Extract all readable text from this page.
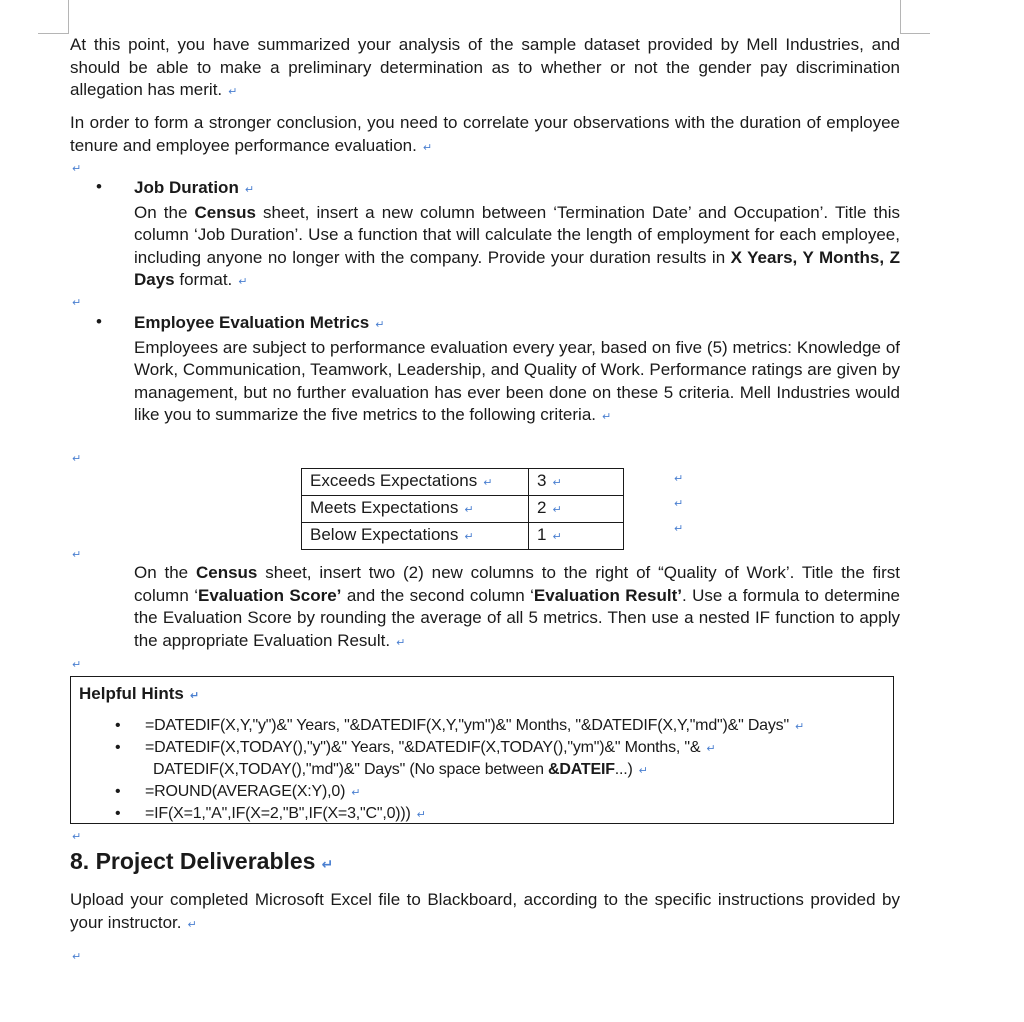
At this point, you have summarized your analysis of the sample dataset provided by Mell Industries, and should be able to make a preliminary determination as to whether or not the gender pay discrimination allegation has merit. ↵

In order to form a stronger conclusion, you need to correlate your observations with the duration of employee tenure and employee performance evaluation. ↵

↵
• Job Duration ↵
On the Census sheet, insert a new column between ‘Termination Date’ and Occupation’. Title this column ‘Job Duration’. Use a function that will calculate the length of employment for each employee, including anyone no longer with the company. Provide your duration results in X Years, Y Months, Z Days format. ↵

↵
• Employee Evaluation Metrics ↵
Employees are subject to performance evaluation every year, based on five (5) metrics: Knowledge of Work, Communication, Teamwork, Leadership, and Quality of Work. Performance ratings are given by management, but no further evaluation has ever been done on these 5 criteria. Mell Industries would like you to summarize the five metrics to the following criteria. ↵

↵
Exceeds Expectations ↵	3 ↵
Meets Expectations ↵	2 ↵
Below Expectations ↵	1 ↵
↵
↵
↵
↵

On the Census sheet, insert two (2) new columns to the right of “Quality of Work’. Title the first column ‘Evaluation Score’ and the second column ‘Evaluation Result’. Use a formula to determine the Evaluation Score by rounding the average of all 5 metrics. Then use a nested IF function to apply the appropriate Evaluation Result. ↵

↵
Helpful Hints ↵
• =DATEDIF(X,Y,"y")&" Years, "&DATEDIF(X,Y,"ym")&" Months, "&DATEDIF(X,Y,"md")&" Days" ↵
• =DATEDIF(X,TODAY(),"y")&" Years, "&DATEDIF(X,TODAY(),"ym")&" Months, "& ↵
DATEDIF(X,TODAY(),"md")&" Days" (No space between &DATEIF...) ↵
• =ROUND(AVERAGE(X:Y),0) ↵
• =IF(X=1,"A",IF(X=2,"B",IF(X=3,"C",0))) ↵
↵
8. Project Deliverables ↵

Upload your completed Microsoft Excel file to Blackboard, according to the specific instructions provided by your instructor. ↵

↵
